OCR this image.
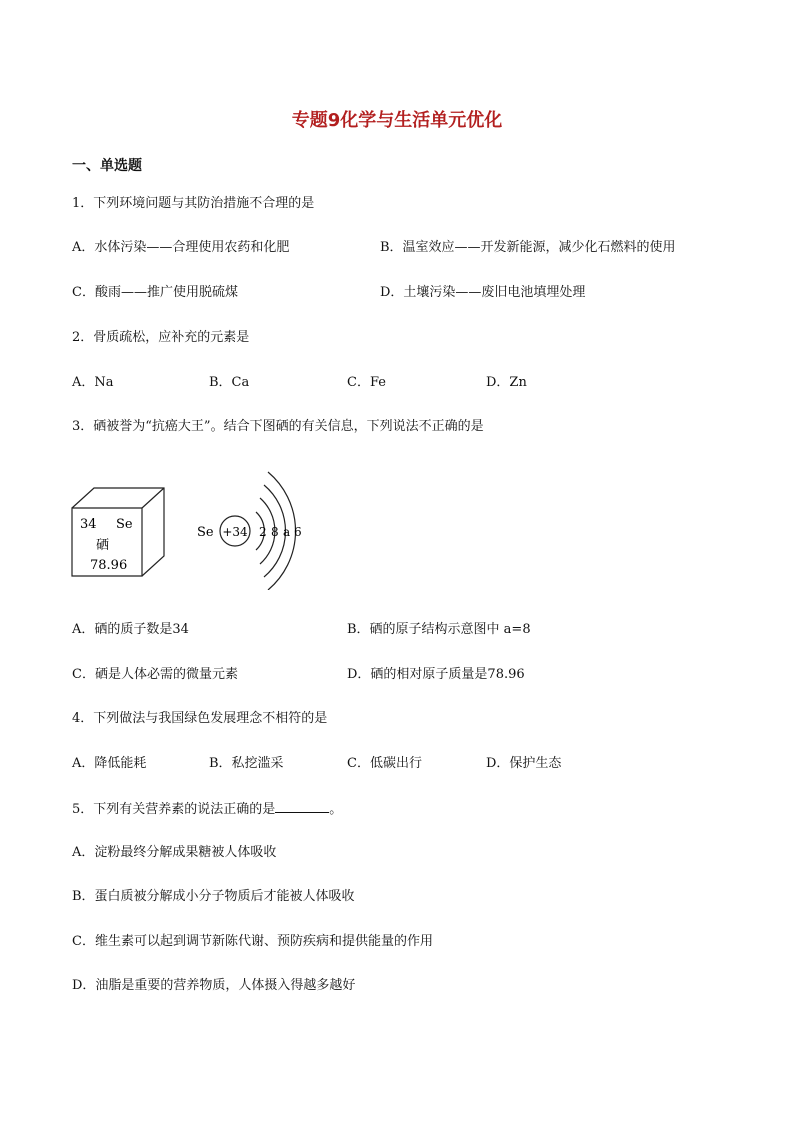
专题9化学与生活单元优化
一、单选题
1．下列环境问题与其防治措施不合理的是
A．水体污染——合理使用农药和化肥	B．温室效应——开发新能源，减少化石燃料的使用
C．酸雨——推广使用脱硫煤	D．土壤污染——废旧电池填埋处理
2．骨质疏松，应补充的元素是
A．Na	B．Ca	C．Fe	D．Zn
3．硒被誉为“抗癌大王”。结合下图硒的有关信息，下列说法不正确的是
34 Se
硒
78.96
Se +34 2 8 a 6
A．硒的质子数是34	B．硒的原子结构示意图中 a=8
C．硒是人体必需的微量元素	D．硒的相对原子质量是78.96
4．下列做法与我国绿色发展理念不相符的是
A．降低能耗	B．私挖滥采	C．低碳出行	D．保护生态
5．下列有关营养素的说法正确的是	。
A．淀粉最终分解成果糖被人体吸收
B．蛋白质被分解成小分子物质后才能被人体吸收
C．维生素可以起到调节新陈代谢、预防疾病和提供能量的作用
D．油脂是重要的营养物质，人体摄入得越多越好
